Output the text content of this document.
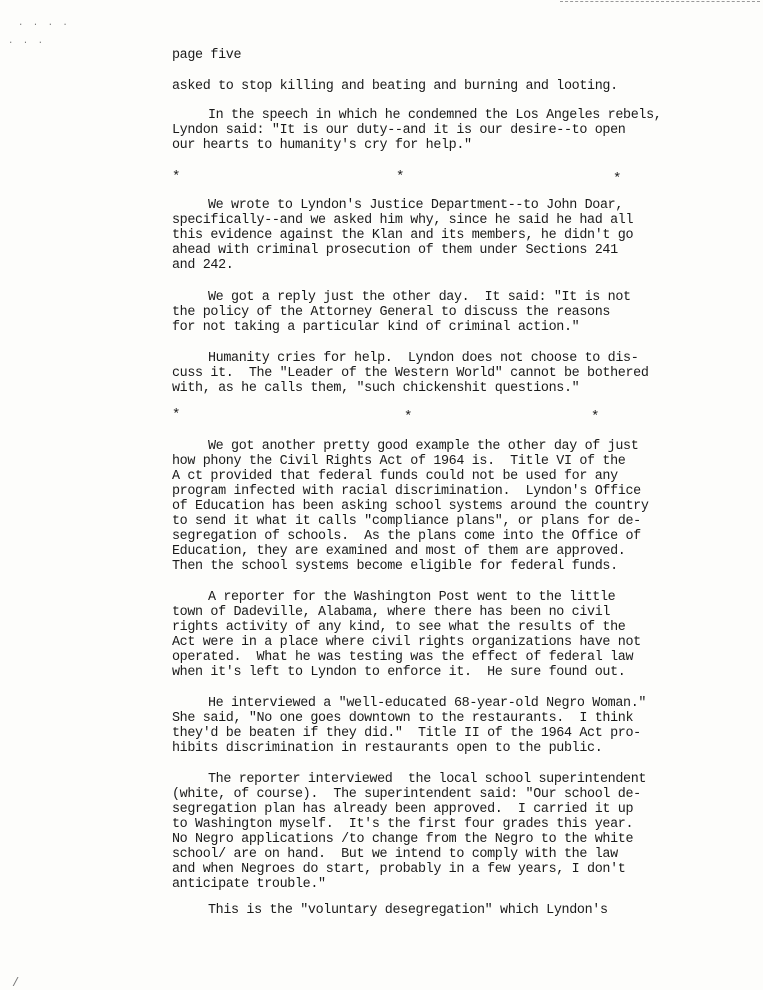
· · · ·
· · ·
page five
asked to stop killing and beating and burning and looting.
In the speech in which he condemned the Los Angeles rebels,
Lyndon said: "It is our duty--and it is our desire--to open
our hearts to humanity's cry for help."
*	*	*
We wrote to Lyndon's Justice Department--to John Doar,
specifically--and we asked him why, since he said he had all
this evidence against the Klan and its members, he didn't go
ahead with criminal prosecution of them under Sections 241
and 242.
We got a reply just the other day.  It said: "It is not
the policy of the Attorney General to discuss the reasons
for not taking a particular kind of criminal action."
Humanity cries for help.  Lyndon does not choose to dis-
cuss it.  The "Leader of the Western World" cannot be bothered
with, as he calls them, "such chickenshit questions."
*	*	*
We got another pretty good example the other day of just
how phony the Civil Rights Act of 1964 is.  Title VI of the
A ct provided that federal funds could not be used for any
program infected with racial discrimination.  Lyndon's Office
of Education has been asking school systems around the country
to send it what it calls "compliance plans", or plans for de-
segregation of schools.  As the plans come into the Office of
Education, they are examined and most of them are approved.
Then the school systems become eligible for federal funds.
A reporter for the Washington Post went to the little
town of Dadeville, Alabama, where there has been no civil
rights activity of any kind, to see what the results of the
Act were in a place where civil rights organizations have not
operated.  What he was testing was the effect of federal law
when it's left to Lyndon to enforce it.  He sure found out.
He interviewed a "well-educated 68-year-old Negro Woman."
She said, "No one goes downtown to the restaurants.  I think
they'd be beaten if they did."  Title II of the 1964 Act pro-
hibits discrimination in restaurants open to the public.
The reporter interviewed  the local school superintendent
(white, of course).  The superintendent said: "Our school de-
segregation plan has already been approved.  I carried it up
to Washington myself.  It's the first four grades this year.
No Negro applications /to change from the Negro to the white
school/ are on hand.  But we intend to comply with the law
and when Negroes do start, probably in a few years, I don't
anticipate trouble."
This is the "voluntary desegregation" which Lyndon's
/
